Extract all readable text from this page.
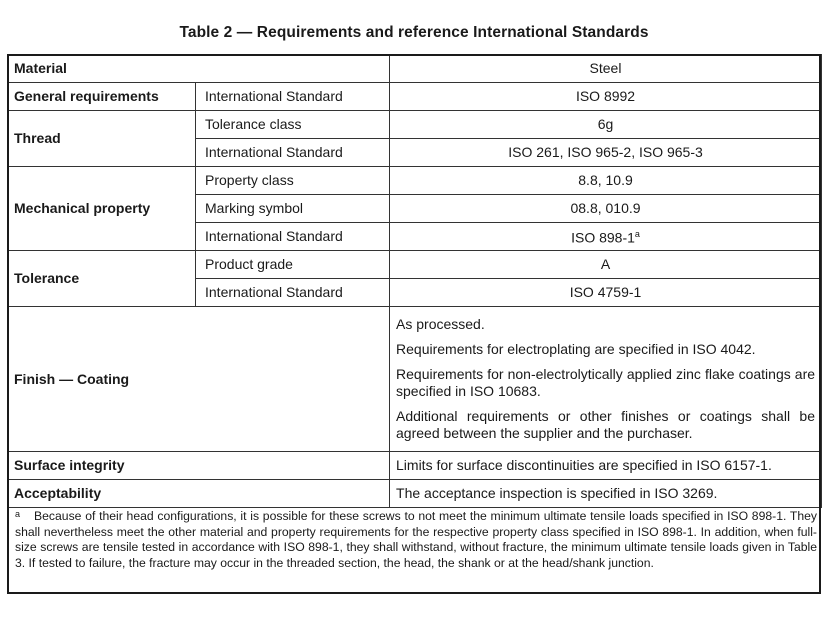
Table 2 — Requirements and reference International Standards
Material		Steel
General requirements	International Standard	ISO 8992
Thread	Tolerance class	6g
	International Standard	ISO 261, ISO 965-2, ISO 965-3
Mechanical property	Property class	8.8, 10.9
	Marking symbol	08.8, 010.9
	International Standard	ISO 898-1$^a$
Tolerance	Product grade	A
	International Standard	ISO 4759-1
Finish — Coating		As processed.

Requirements for electroplating are specified in ISO 4042.

Requirements for non-electrolytically applied zinc flake coatings are specified in ISO 10683.

Additional requirements or other finishes or coatings shall be agreed between the supplier and the purchaser.

Surface integrity		Limits for surface discontinuities are specified in ISO 6157-1.
Acceptability		The acceptance inspection is specified in ISO 3269.
$^a$ Because of their head configurations, it is possible for these screws to not meet the minimum ultimate tensile loads specified in ISO 898-1. They shall nevertheless meet the other material and property requirements for the respective property class specified in ISO 898-1. In addition, when full-size screws are tensile tested in accordance with ISO 898-1, they shall withstand, without fracture, the minimum ultimate tensile loads given in Table 3. If tested to failure, the fracture may occur in the threaded section, the head, the shank or at the head/shank junction.
